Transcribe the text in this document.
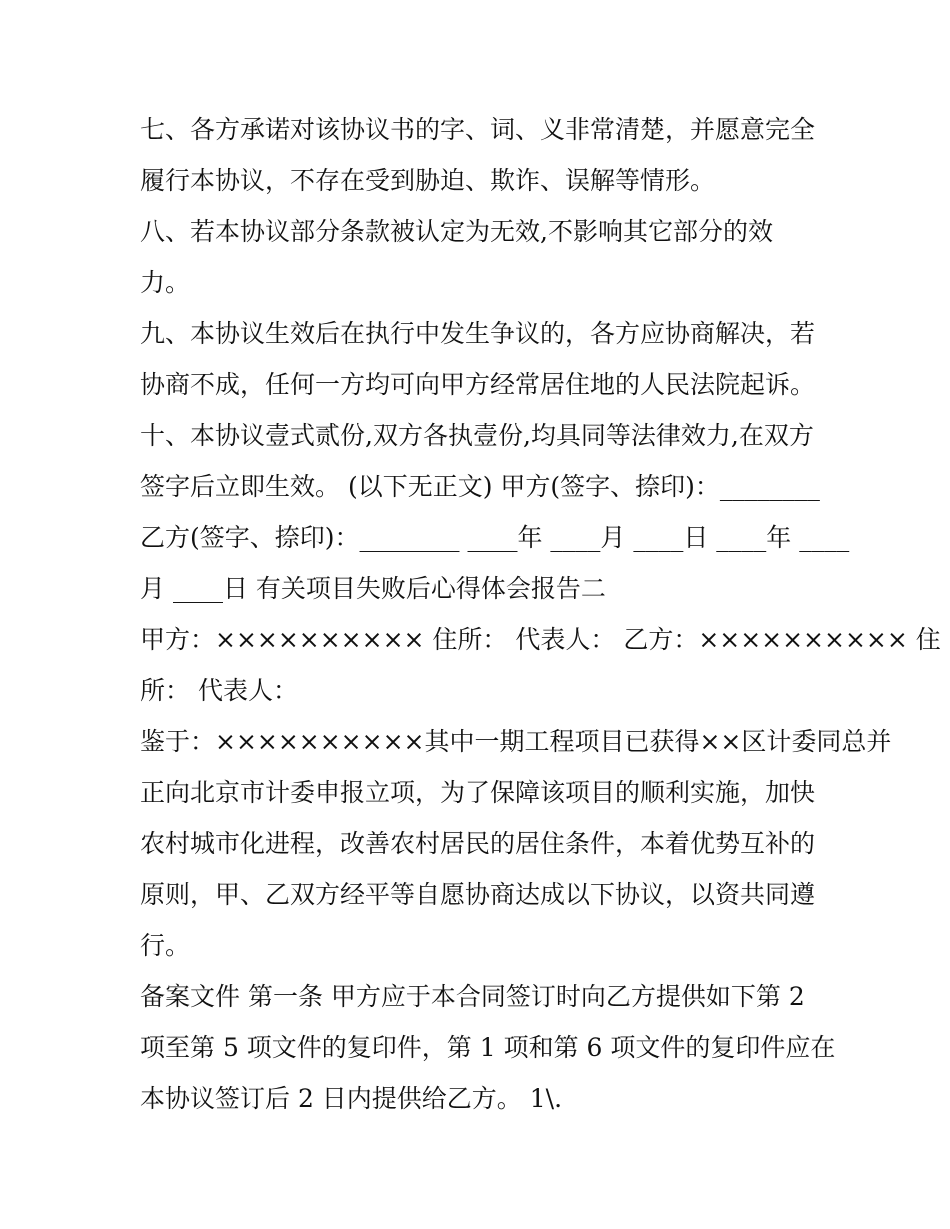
七、各方承诺对该协议书的字、词、义非常清楚，并愿意完全
履行本协议，不存在受到胁迫、欺诈、误解等情形。
八、若本协议部分条款被认定为无效,不影响其它部分的效
力。
九、本协议生效后在执行中发生争议的，各方应协商解决，若
协商不成，任何一方均可向甲方经常居住地的人民法院起诉。
十、本协议壹式贰份,双方各执壹份,均具同等法律效力,在双方
签字后立即生效。 (以下无正文) 甲方(签字、捺印)：________
乙方(签字、捺印)：________ ____年 ____月 ____日 ____年 ____
月 ____日 有关项目失败后心得体会报告二
甲方：×××××××××× 住所： 代表人： 乙方：×××××××××× 住
所： 代表人：
鉴于：××××××××××其中一期工程项目已获得××区计委同总并
正向北京市计委申报立项，为了保障该项目的顺利实施，加快
农村城市化进程，改善农村居民的居住条件，本着优势互补的
原则，甲、乙双方经平等自愿协商达成以下协议，以资共同遵
行。
备案文件 第一条 甲方应于本合同签订时向乙方提供如下第 2
项至第 5 项文件的复印件，第 1 项和第 6 项文件的复印件应在
本协议签订后 2 日内提供给乙方。 1\.
